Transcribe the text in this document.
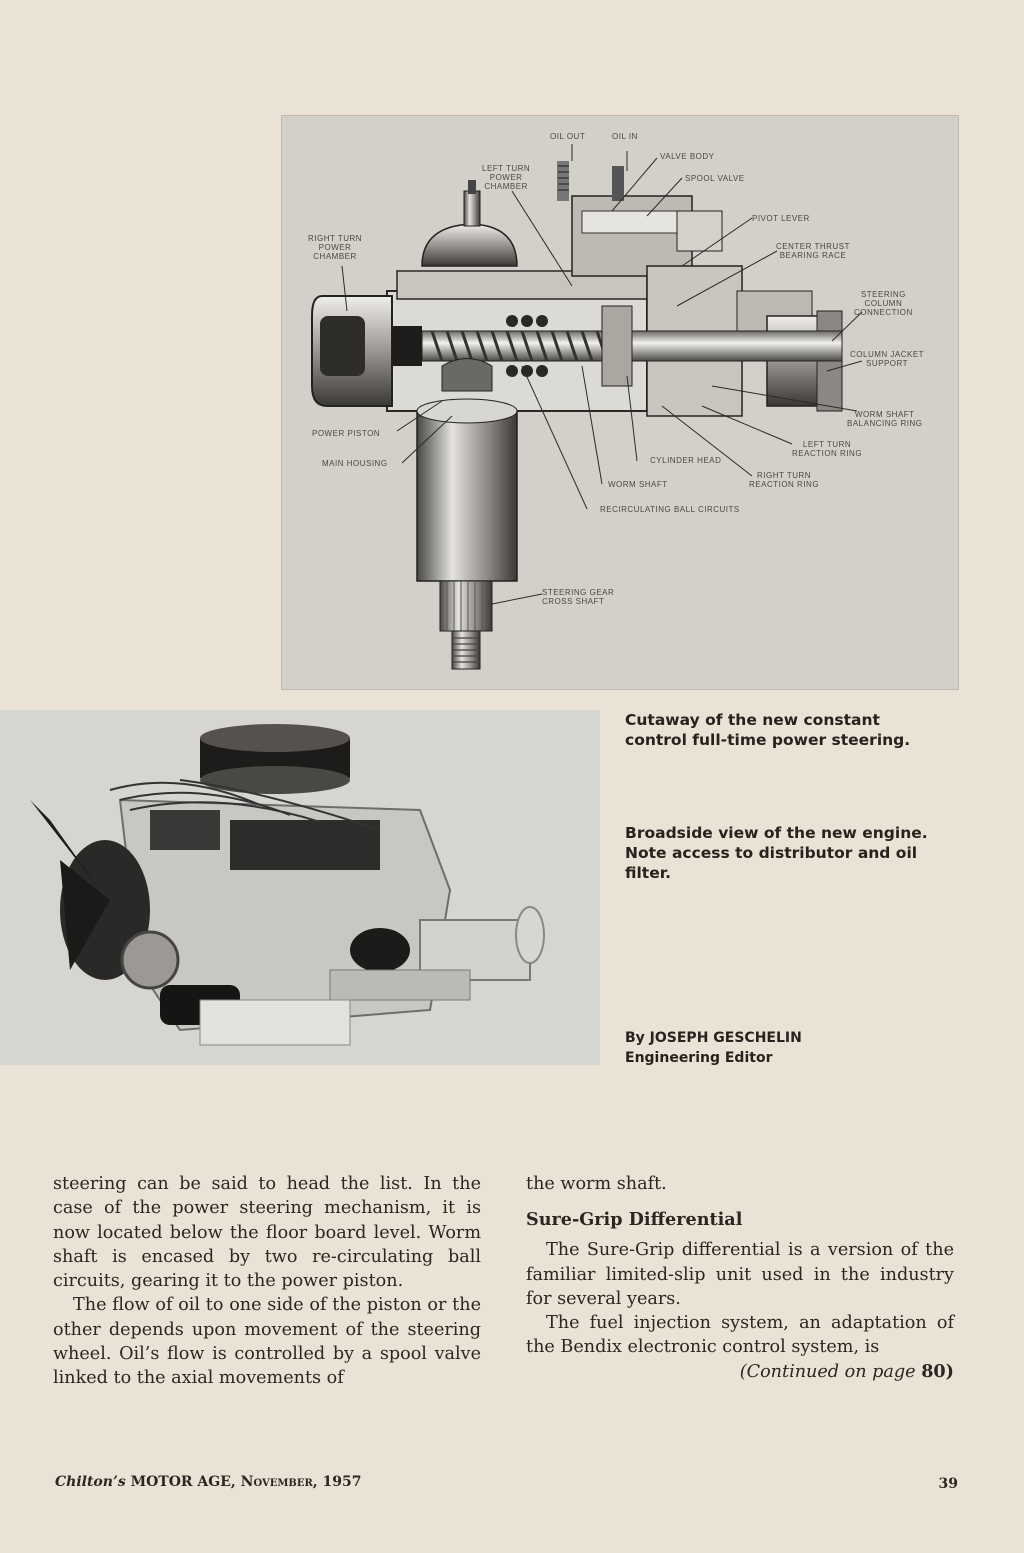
OIL OUT	OIL IN
VALVE BODY
LEFT TURN
POWER
CHAMBER
SPOOL VALVE
PIVOT LEVER
RIGHT TURN
POWER
CHAMBER
CENTER THRUST
BEARING RACE
STEERING
COLUMN
CONNECTION
COLUMN JACKET
SUPPORT
WORM SHAFT
BALANCING RING
POWER PISTON
LEFT TURN
REACTION RING
MAIN HOUSING	CYLINDER HEAD
RIGHT TURN
REACTION RING
WORM SHAFT
RECIRCULATING BALL CIRCUITS
STEERING GEAR
CROSS SHAFT
Cutaway of the new constant control full-time power steering.
Broadside view of the new engine. Note access to distributor and oil filter.
By JOSEPH GESCHELIN
Engineering Editor

steering can be said to head the list. In the case of the power steering mechanism, it is now located below the floor board level. Worm shaft is encased by two re-circulating ball circuits, gearing it to the power piston.

The flow of oil to one side of the piston or the other depends upon movement of the steering wheel. Oil’s flow is controlled by a spool valve linked to the axial movements of

the worm shaft.

Sure-Grip Differential

The Sure-Grip differential is a version of the familiar limited-slip unit used in the industry for several years.

The fuel injection system, an adaptation of the Bendix electronic control system, is

(Continued on page 80)

Chilton’s MOTOR AGE, November, 1957	39
